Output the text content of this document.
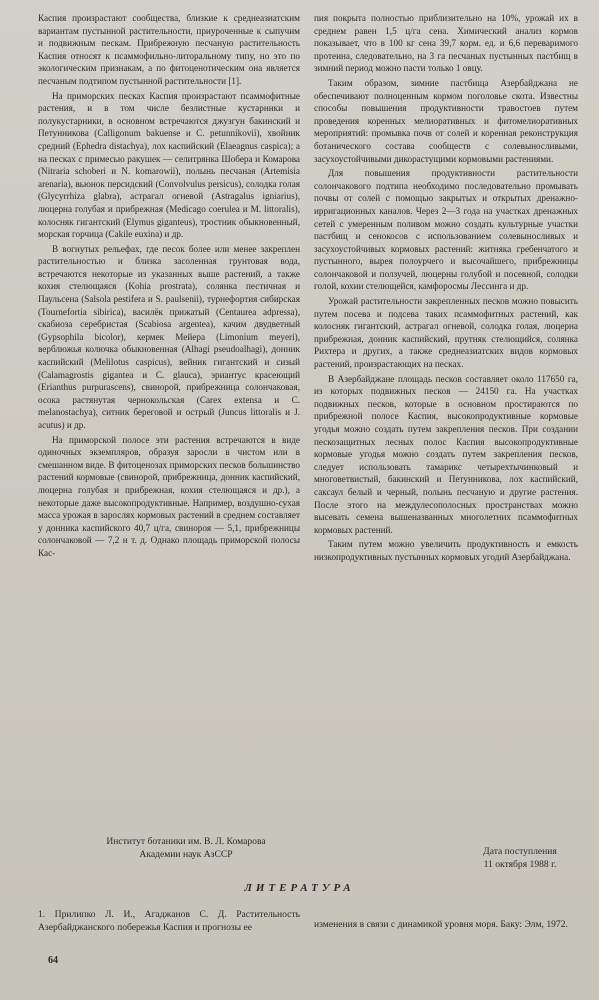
Каспия произрастают сообщества, близкие к среднеазиатским вариантам пустынной растительности, приуроченные к сыпучим и подвижным пескам. Прибрежную песчаную растительность Каспия относят к псаммофильно-литоральному типу, но это по экологическим признакам, а по фитоценотическим она является песчаным подтипом пустынной растительности [1].

На приморских песках Каспия произрастают псаммофитные растения, и в том числе безлистные кустарники и полукустарники, в основном встречаются джузгун бакинский и Петунникова (Calligonum bakuense и C. petunnikovii), хвойник средний (Ephedra distachya), лох каспийский (Elaeagnus caspica); а на песках с примесью ракушек — селитрянка Шобера и Комарова (Nitraria schoberi и N. komarowii), полынь песчаная (Artemisia arenaria), вьюнок персидский (Convolvulus persicus), солодка голая (Glycyrrhiza glabra), астрагал огневой (Astragalus igniarius), люцерна голубая и прибрежная (Medicago coerulea и M. littoralis), колосняк гигантский (Elymus giganteus), тростник обыкновенный, морская горчица (Cakile euxina) и др.

В вогнутых рельефах, где песок более или менее закреплен растительностью и близка засоленная грунтовая вода, встречаются некоторые из указанных выше растений, а также кохия стелющаяся (Kohia prostrata), солянка пестичная и Паульсена (Salsola pestifera и S. paulsenii), турнефортия сибирская (Tournefortia sibirica), василёк прижатый (Centaurea adpressa), скабиоза серебристая (Scabiosa argentea), качим двудветный (Gypsophila bicolor), кермек Мейера (Limonium meyeri), верблюжья колючка обыкновенная (Alhagi pseudoalhagi), донник каспийский (Melilotus caspicus), вейник гигантский и сизый (Calamagrostis gigantea и C. glauca), эриантус красеющий (Erianthus purpurascens), свинорой, прибрежница солончаковая, осока растянутая чернокольская (Carex extensa и C. melanostachya), ситник береговой и острый (Juncus littoralis и J. acutus) и др.

На приморской полосе эти растения встречаются в виде одиночных экземпляров, образуя заросли в чистом или в смешанном виде. В фитоценозах приморских песков большинство растений кормовые (свинорой, прибрежница, донник каспийский, люцерна голубая и прибрежная, кохия стелющаяся и др.), а некоторые даже высокопродуктивные. Например, воздушно-сухая масса урожая в зарослях кормовых растений в среднем составляет у донника каспийского 40,7 ц/га, свинороя — 5,1, прибрежницы солончаковой — 7,2 н т. д. Однако площадь приморской полосы Кас-

пия покрыта полностью приблизительно на 10%, урожай их в среднем равен 1,5 ц/га сена. Химический анализ кормов показывает, что в 100 кг сена 39,7 корм. ед. и 6,6 переваримого протеина, следовательно, на 3 га песчаных пустынных пастбищ в зимний период можно пасти только 1 овцу.

Таким образом, зимние пастбища Азербайджана не обеспечивают полноценным кормом поголовье скота. Известны способы повышения продуктивности травостоев путем проведения коренных мелиоративных и фитомелиоративных мероприятий: промывка почв от солей и коренная реконструкция ботанического состава сообществ с солевыносливыми, засухоустойчивыми дикорастущими кормовыми растениями.

Для повышения продуктивности растительности солончакового подтипа необходимо последовательно промывать почвы от солей с помощью закрытых и открытых дренажно-ирригационных каналов. Через 2—3 года на участках дренажных сетей с умеренным поливом можно создать культурные участки пастбищ и сенокосов с использованием солевыносливых и засухоустойчивых кормовых растений: житняка гребенчатого и пустынного, вырея полоурчего и высочайшего, прибрежницы солончаковой и ползучей, люцерны голубой и посевной, солодки голой, кохии стелющейся, камфоросмы Лессинга и др.

Урожай растительности закрепленных песков можно повысить путем посева и подсева таких псаммофитных растений, как колосняк гигантский, астрагал огневой, солодка голая, люцерна прибрежная, донник каспийский, прутняк стелющийся, солянка Рихтера и других, а также среднеазиатских видов кормовых растений, произрастающих на песках.

В Азербайджане площадь песков составляет около 117650 га, из которых подвижных песков — 24150 га. На участках подвижных песков, которые в основном простираются по прибрежной полосе Каспия, высокопродуктивные кормовые угодья можно создать путем закрепления песков. При создании пескозащитных лесных полос Каспия высокопродуктивные кормовые угодья можно создать путем закрепления песков, следует использовать тамарикс четырехтычинковый и многоветвистый, бакинский и Петунникова, лох каспийский, саксаул белый и черный, полынь песчаную и другие растения. После этого на междулесополосных пространствах можно высевать семена вышеназванных многолетних псаммофитных кормовых растений.

Таким путем можно увеличить продуктивность и емкость низкопродуктивных пустынных кормовых угодий Азербайджана.

Институт ботаники им. В. Л. Комарова
Академии наук АзССР	Дата поступления
11 октября 1988 г.
ЛИТЕРАТУРА
1. Прилипко Л. И., Агаджанов С. Д. Растительность Азербайджанского побережья Каспия и прогнозы ее	изменения в связи с динамикой уровня моря. Баку: Элм, 1972.
64
